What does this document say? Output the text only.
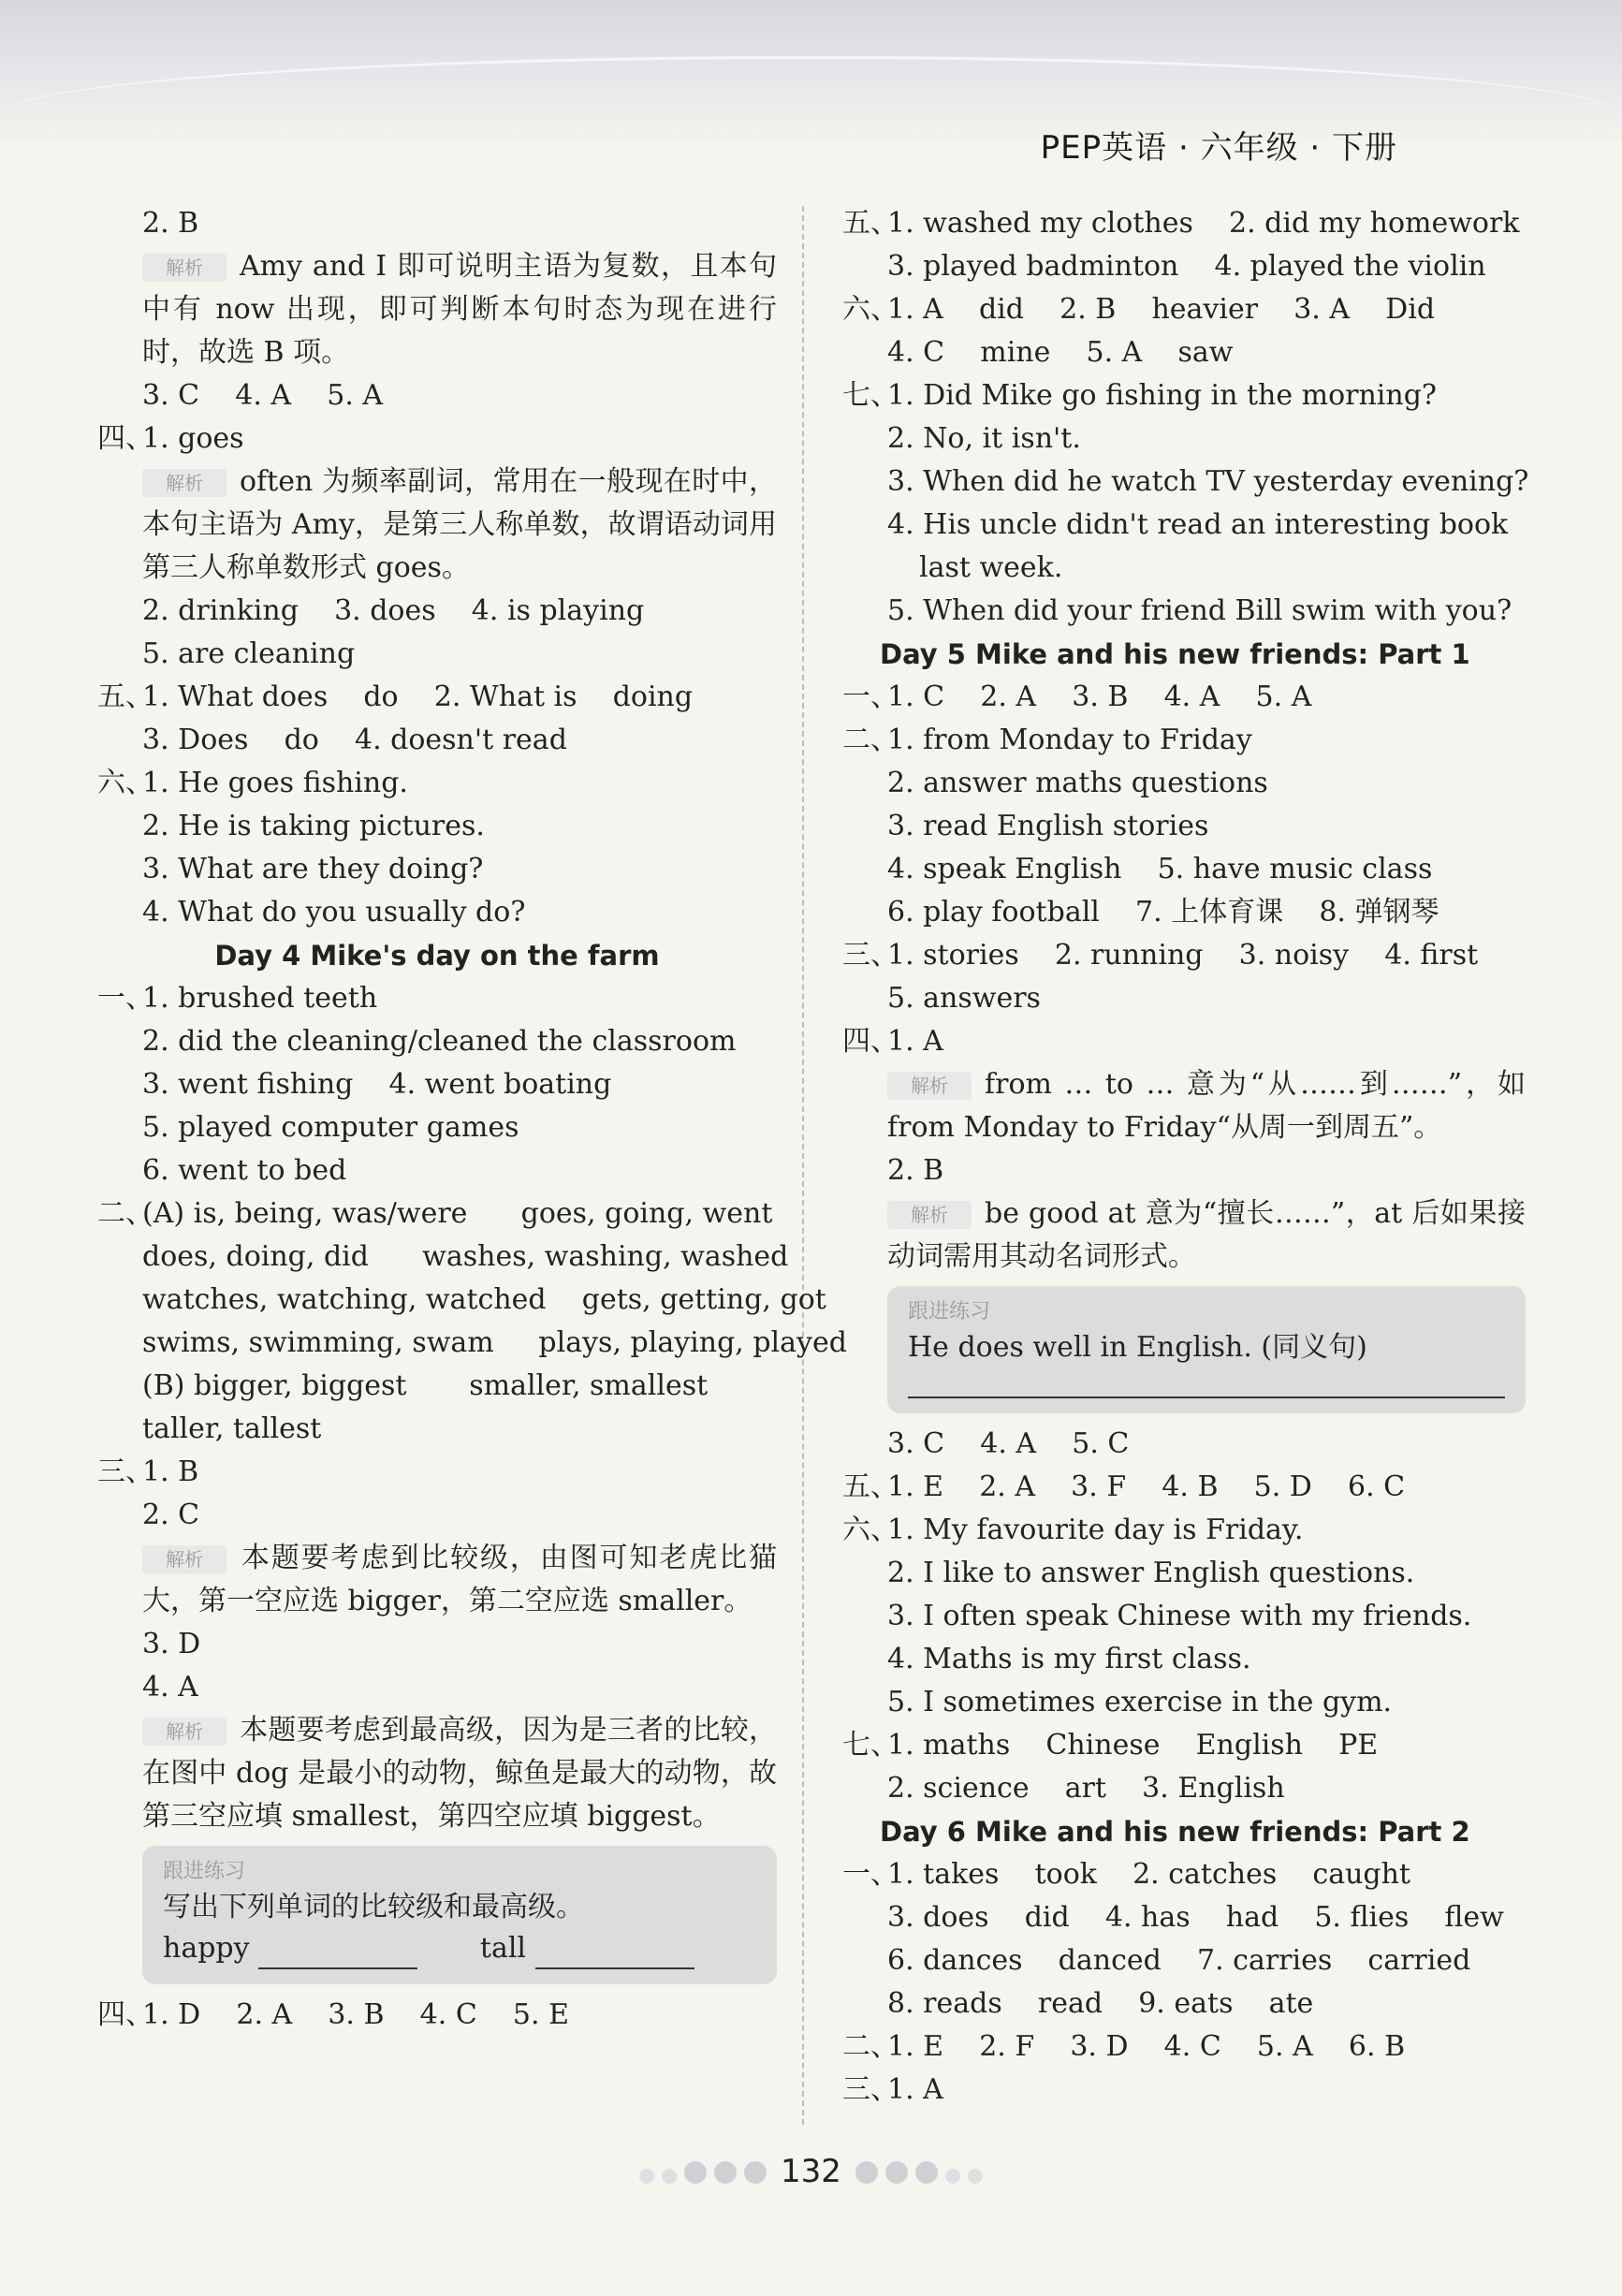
PEP英语 · 六年级 · 下册
2. B
解析 Amy and I 即可说明主语为复数，且本句中有 now 出现，即可判断本句时态为现在进行时，故选 B 项。
3. C    4. A    5. A
四、1. goes
解析 often 为频率副词，常用在一般现在时中，本句主语为 Amy，是第三人称单数，故谓语动词用第三人称单数形式 goes。
2. drinking    3. does    4. is playing
5. are cleaning
五、1. What does    do    2. What is    doing
3. Does    do    4. doesn't read
六、1. He goes fishing.
2. He is taking pictures.
3. What are they doing?
4. What do you usually do?
Day 4 Mike's day on the farm
一、1. brushed teeth
2. did the cleaning/cleaned the classroom
3. went fishing    4. went boating
5. played computer games
6. went to bed
二、(A) is, being, was/were      goes, going, went
does, doing, did      washes, washing, washed
watches, watching, watched    gets, getting, got
swims, swimming, swam     plays, playing, played
(B) bigger, biggest       smaller, smallest
taller, tallest
三、1. B
2. C
解析 本题要考虑到比较级，由图可知老虎比猫大，第一空应选 bigger，第二空应选 smaller。
3. D
4. A
解析 本题要考虑到最高级，因为是三者的比较，在图中 dog 是最小的动物，鲸鱼是最大的动物，故第三空应填 smallest，第四空应填 biggest。
跟进练习
写出下列单词的比较级和最高级。
happy	tall
四、1. D    2. A    3. B    4. C    5. E
五、1. washed my clothes    2. did my homework
3. played badminton    4. played the violin
六、1. A    did    2. B    heavier    3. A    Did
4. C    mine    5. A    saw
七、1. Did Mike go fishing in the morning?
2. No, it isn't.
3. When did he watch TV yesterday evening?
4. His uncle didn't read an interesting book
last week.
5. When did your friend Bill swim with you?
Day 5 Mike and his new friends: Part 1
一、1. C    2. A    3. B    4. A    5. A
二、1. from Monday to Friday
2. answer maths questions
3. read English stories
4. speak English    5. have music class
6. play football    7. 上体育课    8. 弹钢琴
三、1. stories    2. running    3. noisy    4. first
5. answers
四、1. A
解析 from … to … 意为“从……到……”，如 from Monday to Friday“从周一到周五”。
2. B
解析 be good at 意为“擅长……”，at 后如果接动词需用其动名词形式。
跟进练习
He does well in English. (同义句)
3. C    4. A    5. C
五、1. E    2. A    3. F    4. B    5. D    6. C
六、1. My favourite day is Friday.
2. I like to answer English questions.
3. I often speak Chinese with my friends.
4. Maths is my first class.
5. I sometimes exercise in the gym.
七、1. maths    Chinese    English    PE
2. science    art    3. English
Day 6 Mike and his new friends: Part 2
一、1. takes    took    2. catches    caught
3. does    did    4. has    had    5. flies    flew
6. dances    danced    7. carries    carried
8. reads    read    9. eats    ate
二、1. E    2. F    3. D    4. C    5. A    6. B
三、1. A
132
